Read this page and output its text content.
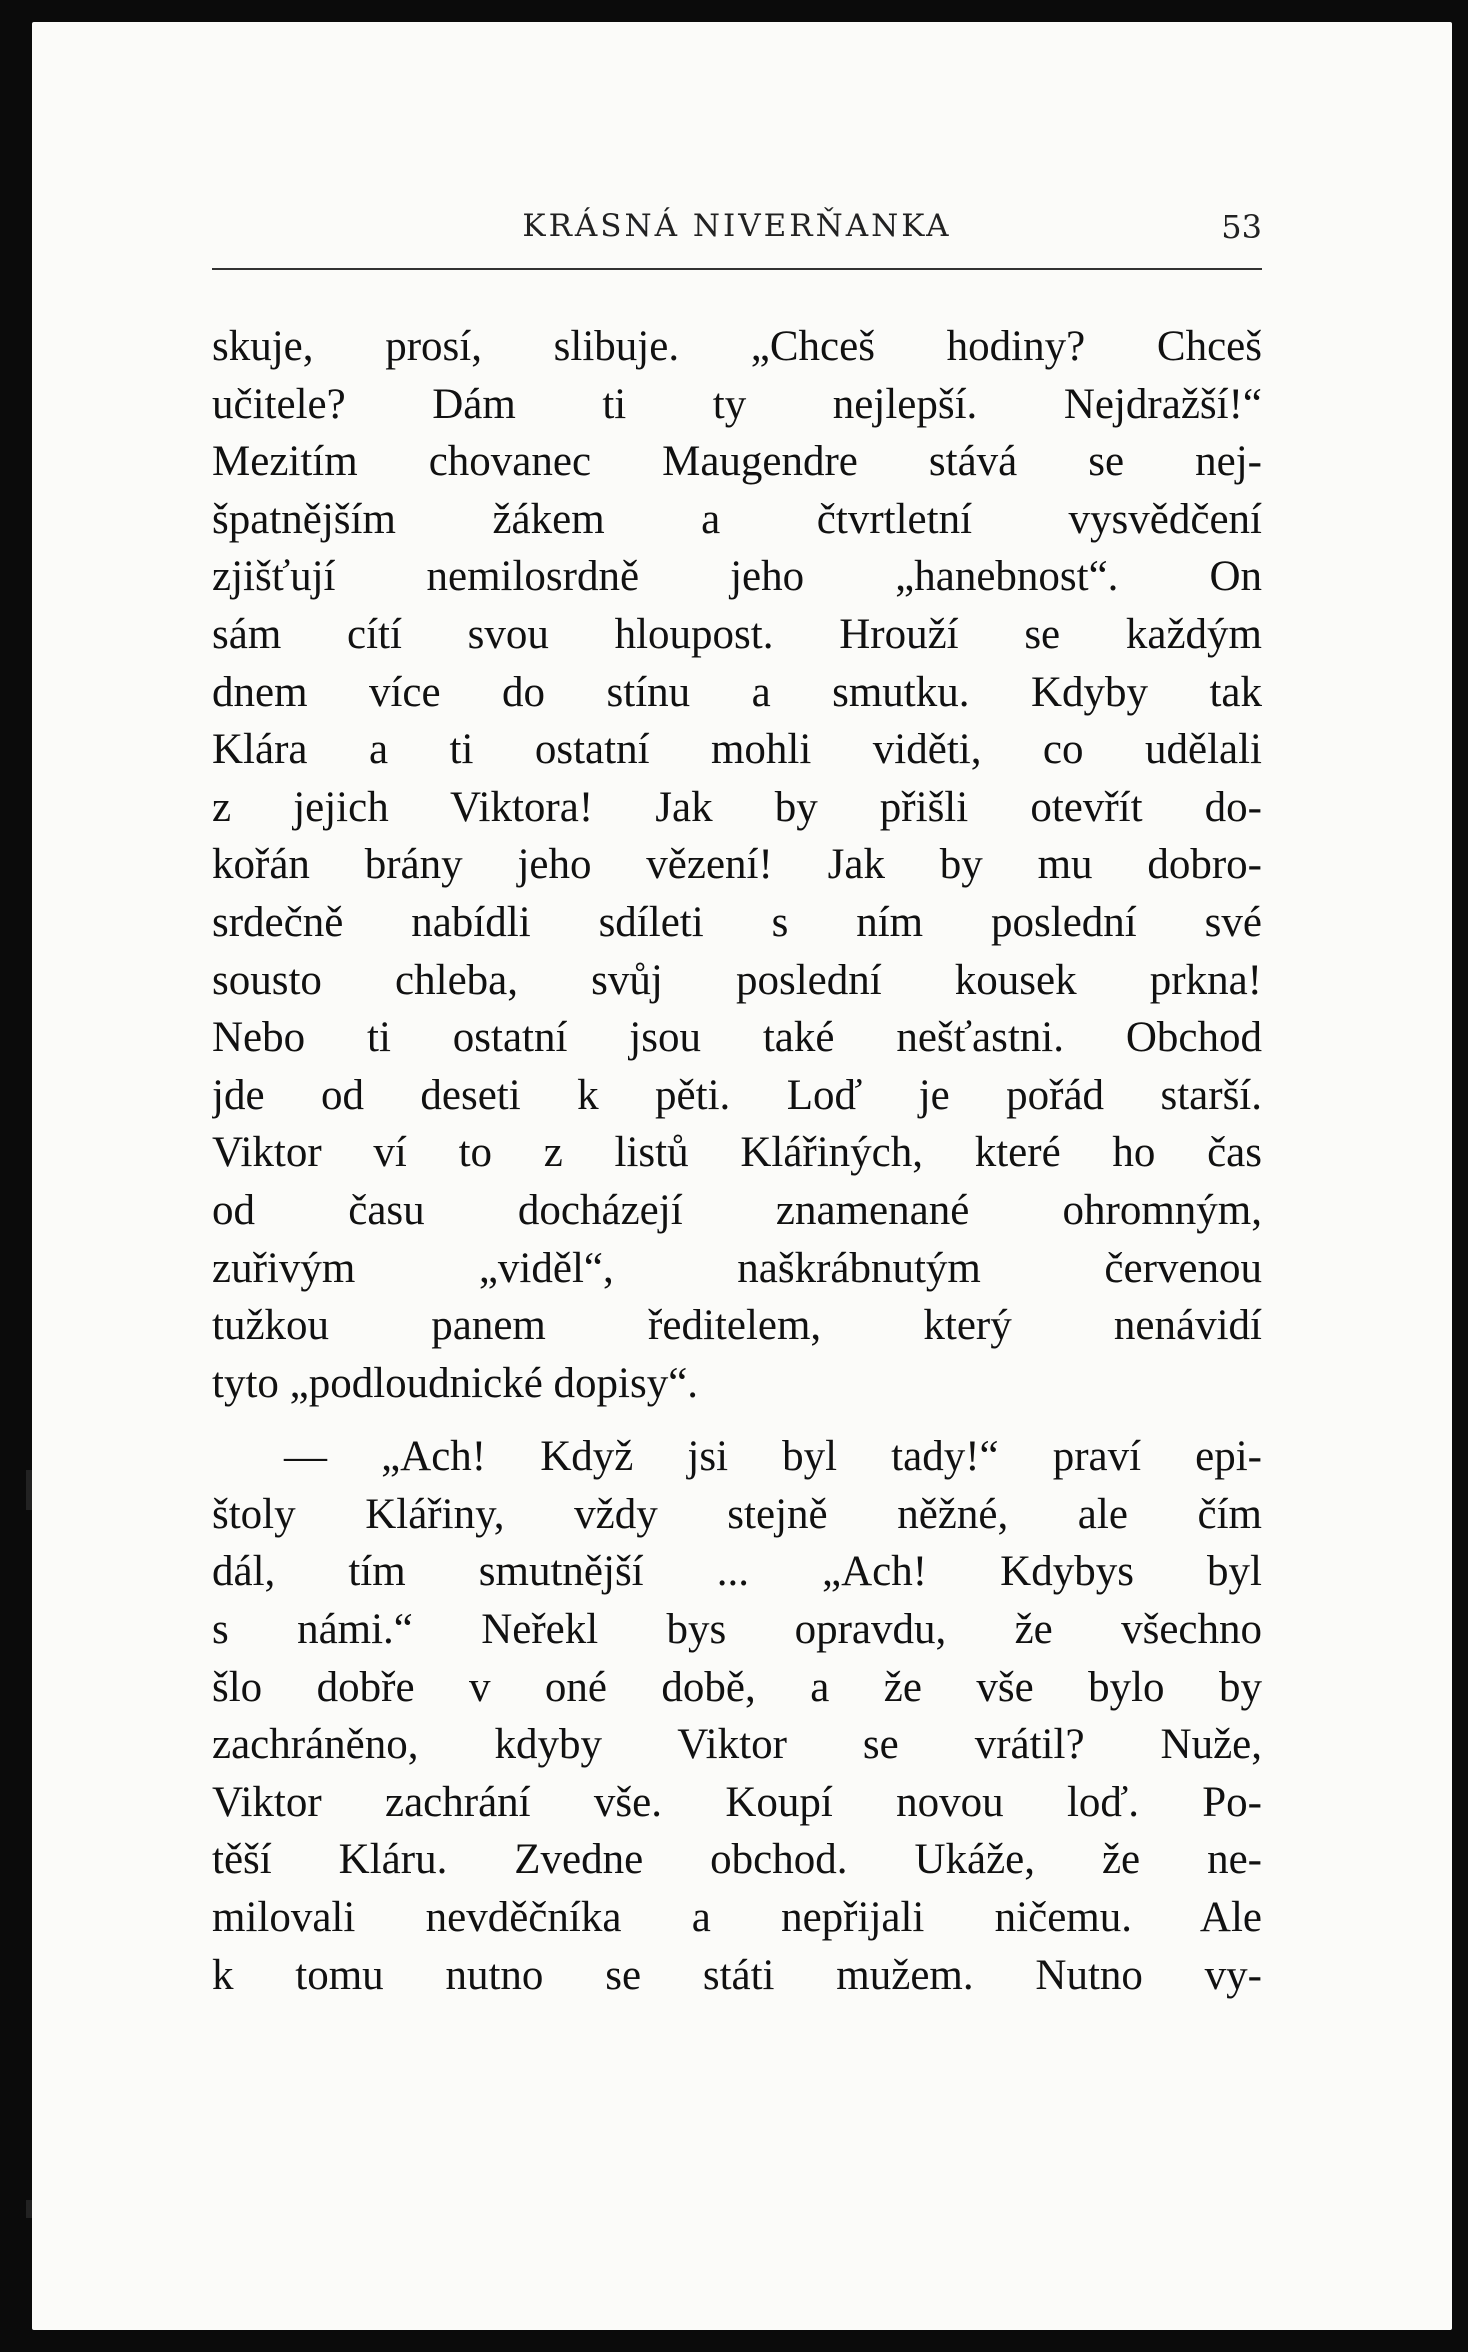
KRÁSNÁ NIVERŇANKA	53
skuje, prosí, slibuje. „Chceš hodiny? Chceš
učitele? Dám ti ty nejlepší. Nejdražší!“
Mezitím chovanec Maugendre stává se nej-
špatnějším žákem a čtvrtletní vysvědčení
zjišťují nemilosrdně jeho „hanebnost“. On
sám cítí svou hloupost. Hrouží se každým
dnem více do stínu a smutku. Kdyby tak
Klára a ti ostatní mohli viděti, co udělali
z jejich Viktora! Jak by přišli otevřít do-
kořán brány jeho vězení! Jak by mu dobro-
srdečně nabídli sdíleti s ním poslední své
sousto chleba, svůj poslední kousek prkna!
Nebo ti ostatní jsou také nešťastni. Obchod
jde od deseti k pěti. Loď je pořád starší.
Viktor ví to z listů Klářiných, které ho čas
od času docházejí znamenané ohromným,
zuřivým „viděl“, naškrábnutým červenou
tužkou panem ředitelem, který nenávidí
tyto „podloudnické dopisy“.
— „Ach! Když jsi byl tady!“ praví epi-
štoly Klářiny, vždy stejně něžné, ale čím
dál, tím smutnější ... „Ach! Kdybys byl
s námi.“ Neřekl bys opravdu, že všechno
šlo dobře v oné době, a že vše bylo by
zachráněno, kdyby Viktor se vrátil? Nuže,
Viktor zachrání vše. Koupí novou loď. Po-
těší Kláru. Zvedne obchod. Ukáže, že ne-
milovali nevděčníka a nepřijali ničemu. Ale
k tomu nutno se státi mužem. Nutno vy-
